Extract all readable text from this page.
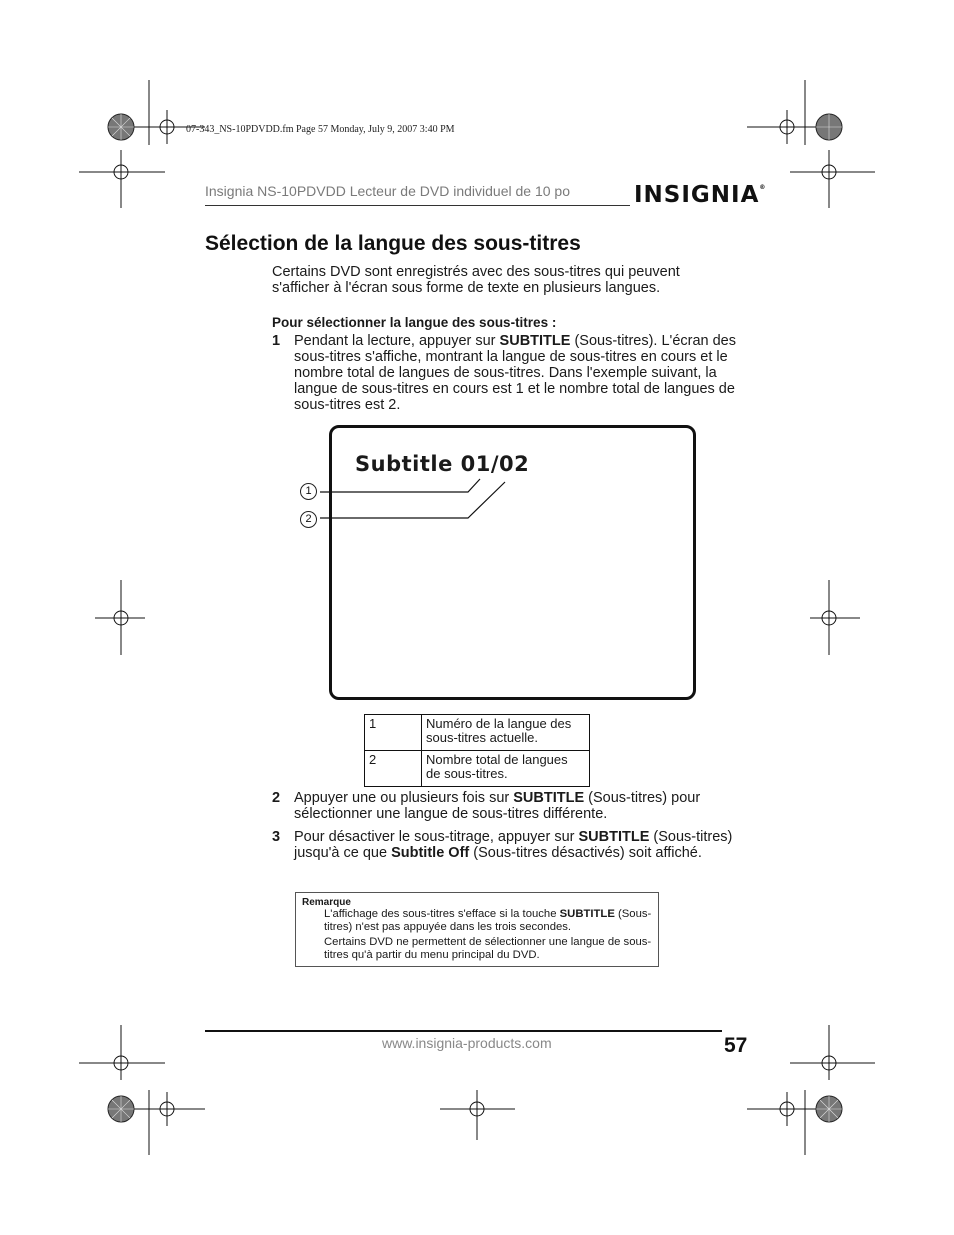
07-343_NS-10PDVDD.fm Page 57 Monday, July 9, 2007 3:40 PM
Insignia NS-10PDVDD Lecteur de DVD individuel de 10 po	INSIGNIA®
Sélection de la langue des sous-titres
Certains DVD sont enregistrés avec des sous-titres qui peuvent
s'afficher à l'écran sous forme de texte en plusieurs langues.
Pour sélectionner la langue des sous-titres :
1 Pendant la lecture, appuyer sur SUBTITLE (Sous-titres). L'écran des sous-titres s'affiche, montrant la langue de sous-titres en cours et le nombre total de langues de sous-titres. Dans l'exemple suivant, la langue de sous-titres en cours est 1 et le nombre total de langues de sous-titres est 2.
Subtitle 01/02
1
2
1	Numéro de la langue des sous-titres actuelle.
2	Nombre total de langues de sous-titres.
2 Appuyer une ou plusieurs fois sur SUBTITLE (Sous-titres) pour sélectionner une langue de sous-titres différente.
3 Pour désactiver le sous-titrage, appuyer sur SUBTITLE (Sous-titres) jusqu'à ce que Subtitle Off (Sous-titres désactivés) soit affiché.
Remarque
L'affichage des sous-titres s'efface si la touche SUBTITLE (Sous-titres) n'est pas appuyée dans les trois secondes.
Certains DVD ne permettent de sélectionner une langue de sous-titres qu'à partir du menu principal du DVD.
www.insignia-products.com	57
